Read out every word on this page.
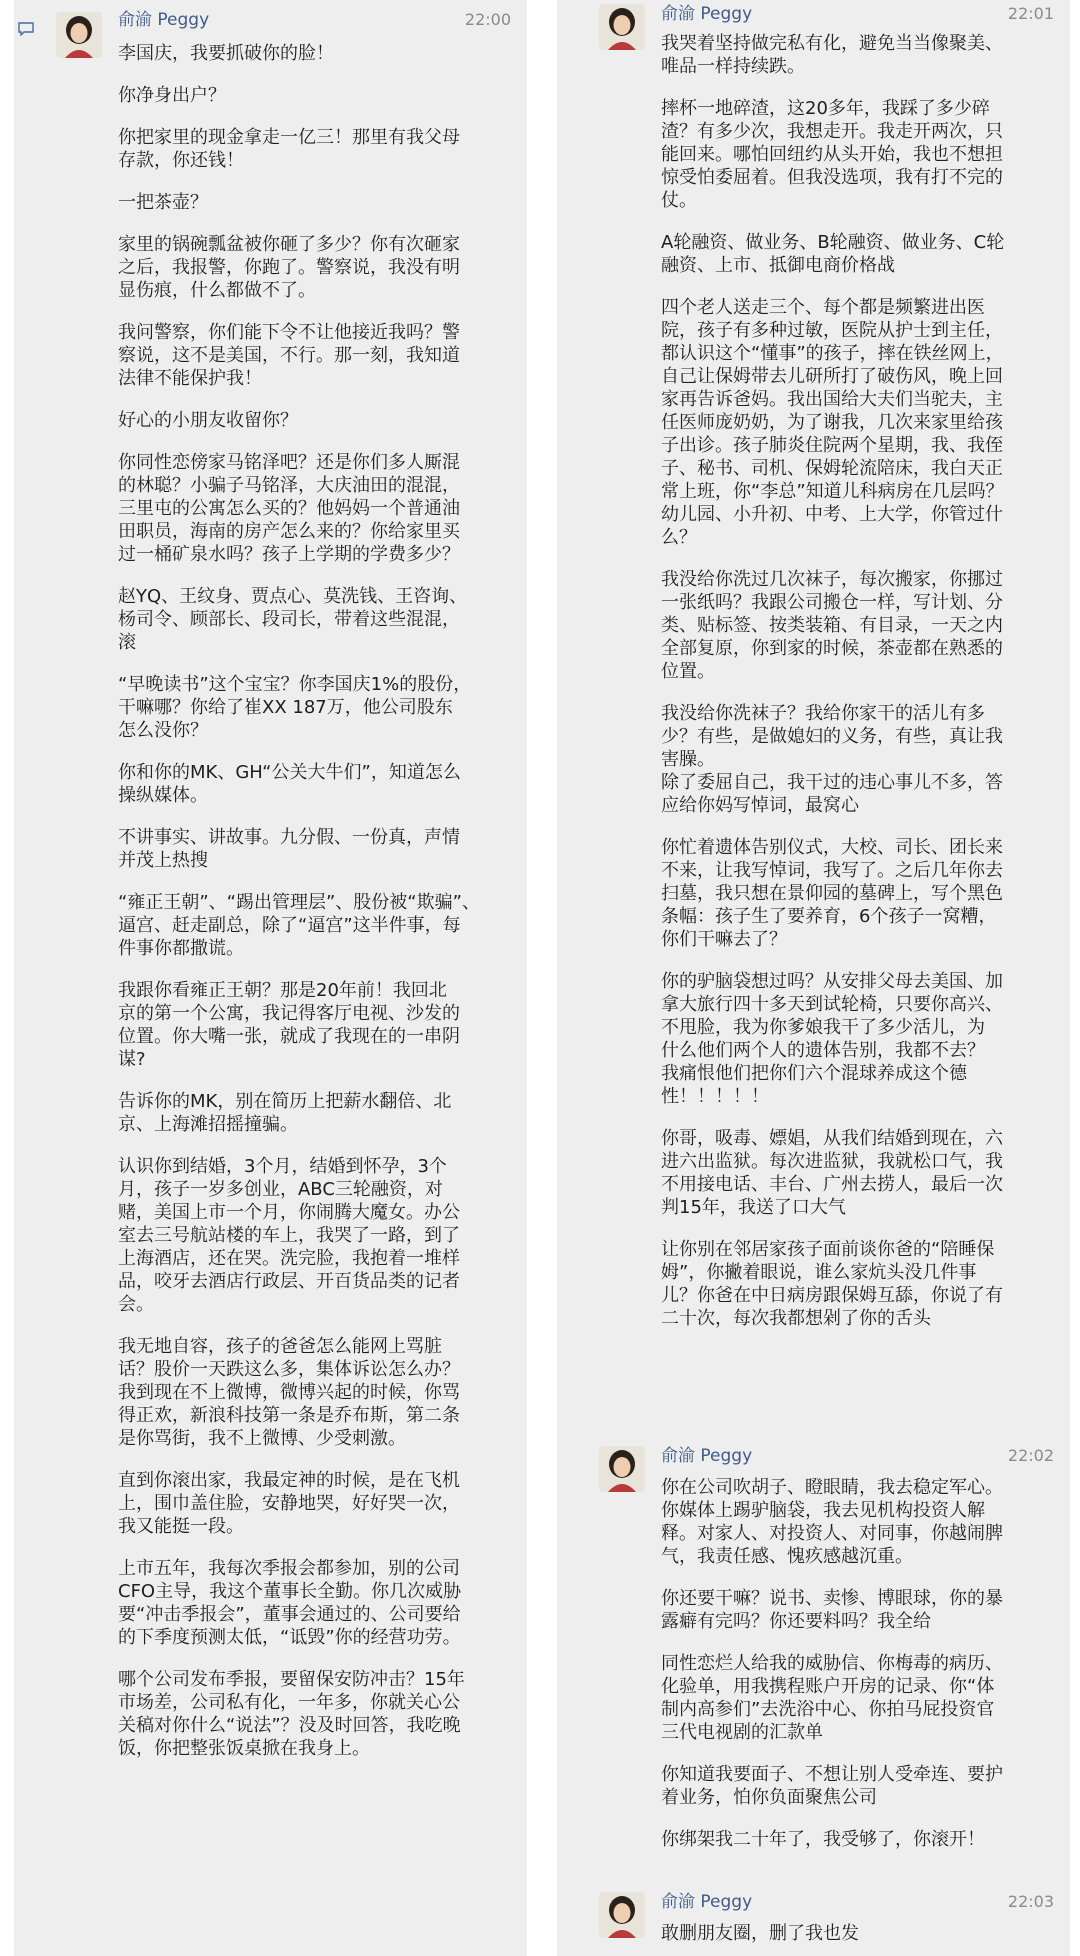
俞渝 Peggy	22:00

李国庆，我要抓破你的脸！

你净身出户？

你把家里的现金拿走一亿三！那里有我父母
存款，你还钱！

一把茶壶？

家里的锅碗瓢盆被你砸了多少？你有次砸家
之后，我报警，你跑了。警察说，我没有明
显伤痕，什么都做不了。

我问警察，你们能下令不让他接近我吗？警
察说，这不是美国，不行。那一刻，我知道
法律不能保护我！

好心的小朋友收留你？

你同性恋傍家马铭泽吧？还是你们多人厮混
的林聪？小骗子马铭泽，大庆油田的混混，
三里屯的公寓怎么买的？他妈妈一个普通油
田职员，海南的房产怎么来的？你给家里买
过一桶矿泉水吗？孩子上学期的学费多少？

赵YQ、王纹身、贾点心、莫洗钱、王咨询、
杨司令、顾部长、段司长，带着这些混混，
滚

“早晚读书”这个宝宝？你李国庆1%的股份，
干嘛哪？你给了崔XX 187万，他公司股东
怎么没你？

你和你的MK、GH“公关大牛们”，知道怎么
操纵媒体。

不讲事实、讲故事。九分假、一份真，声情
并茂上热搜

“雍正王朝”、“踢出管理层”、股份被“欺骗”、
逼宫、赶走副总，除了“逼宫”这半件事，每
件事你都撒谎。

我跟你看雍正王朝？那是20年前！我回北
京的第一个公寓，我记得客厅电视、沙发的
位置。你大嘴一张，就成了我现在的一串阴
谋?

告诉你的MK，别在简历上把薪水翻倍、北
京、上海滩招摇撞骗。

认识你到结婚，3个月，结婚到怀孕，3个
月，孩子一岁多创业，ABC三轮融资，对
赌，美国上市一个月，你闹腾大魔女。办公
室去三号航站楼的车上，我哭了一路，到了
上海酒店，还在哭。洗完脸，我抱着一堆样
品，咬牙去酒店行政层、开百货品类的记者
会。

我无地自容，孩子的爸爸怎么能网上骂脏
话？股价一天跌这么多，集体诉讼怎么办？
我到现在不上微博，微博兴起的时候，你骂
得正欢，新浪科技第一条是乔布斯，第二条
是你骂街，我不上微博、少受刺激。

直到你滚出家，我最定神的时候，是在飞机
上，围巾盖住脸，安静地哭，好好哭一次，
我又能挺一段。

上市五年，我每次季报会都参加，别的公司
CFO主导，我这个董事长全勤。你几次威胁
要“冲击季报会”，董事会通过的、公司要给
的下季度预测太低，“诋毁”你的经营功劳。

哪个公司发布季报，要留保安防冲击？15年
市场差，公司私有化，一年多，你就关心公
关稿对你什么“说法”？没及时回答，我吃晚
饭，你把整张饭桌掀在我身上。

俞渝 Peggy	22:01

我哭着坚持做完私有化，避免当当像聚美、
唯品一样持续跌。

摔杯一地碎渣，这20多年，我踩了多少碎
渣？有多少次，我想走开。我走开两次，只
能回来。哪怕回纽约从头开始，我也不想担
惊受怕委屈着。但我没选项，我有打不完的
仗。

A轮融资、做业务、B轮融资、做业务、C轮
融资、上市、抵御电商价格战

四个老人送走三个、每个都是频繁进出医
院，孩子有多种过敏，医院从护士到主任，
都认识这个“懂事”的孩子，摔在铁丝网上，
自己让保姆带去儿研所打了破伤风，晚上回
家再告诉爸妈。我出国给大夫们当驼夫，主
任医师庞奶奶，为了谢我，几次来家里给孩
子出诊。孩子肺炎住院两个星期，我、我侄
子、秘书、司机、保姆轮流陪床，我白天正
常上班，你“李总”知道儿科病房在几层吗？
幼儿园、小升初、中考、上大学，你管过什
么？

我没给你洗过几次袜子，每次搬家，你挪过
一张纸吗？我跟公司搬仓一样，写计划、分
类、贴标签、按类装箱、有目录，一天之内
全部复原，你到家的时候，茶壶都在熟悉的
位置。

我没给你洗袜子？我给你家干的活儿有多
少？有些，是做媳妇的义务，有些，真让我
害臊。
除了委屈自己，我干过的违心事儿不多，答
应给你妈写悼词，最窝心

你忙着遗体告别仪式，大校、司长、团长来
不来，让我写悼词，我写了。之后几年你去
扫墓，我只想在景仰园的墓碑上，写个黑色
条幅：孩子生了要养育，6个孩子一窝糟，
你们干嘛去了？

你的驴脑袋想过吗？从安排父母去美国、加
拿大旅行四十多天到试轮椅，只要你高兴、
不甩脸，我为你爹娘我干了多少活儿，为
什么他们两个人的遗体告别，我都不去？
我痛恨他们把你们六个混球养成这个德
性！！！！！

你哥，吸毒、嫖娼，从我们结婚到现在，六
进六出监狱。每次进监狱，我就松口气，我
不用接电话、丰台、广州去捞人，最后一次
判15年，我送了口大气

让你别在邻居家孩子面前谈你爸的“陪睡保
姆”，你撇着眼说，谁么家炕头没几件事
儿？你爸在中日病房跟保姆互舔，你说了有
二十次，每次我都想剁了你的舌头

俞渝 Peggy	22:02

你在公司吹胡子、瞪眼睛，我去稳定军心。
你媒体上踢驴脑袋，我去见机构投资人解
释。对家人、对投资人、对同事，你越闹脾
气，我责任感、愧疚感越沉重。

你还要干嘛？说书、卖惨、博眼球，你的暴
露癖有完吗？你还要料吗？我全给

同性恋烂人给我的威胁信、你梅毒的病历、
化验单，用我携程账户开房的记录、你“体
制内高参们”去洗浴中心、你拍马屁投资官
三代电视剧的汇款单

你知道我要面子、不想让别人受牵连、要护
着业务，怕你负面聚焦公司

你绑架我二十年了，我受够了，你滚开！

俞渝 Peggy	22:03

敢删朋友圈，删了我也发
